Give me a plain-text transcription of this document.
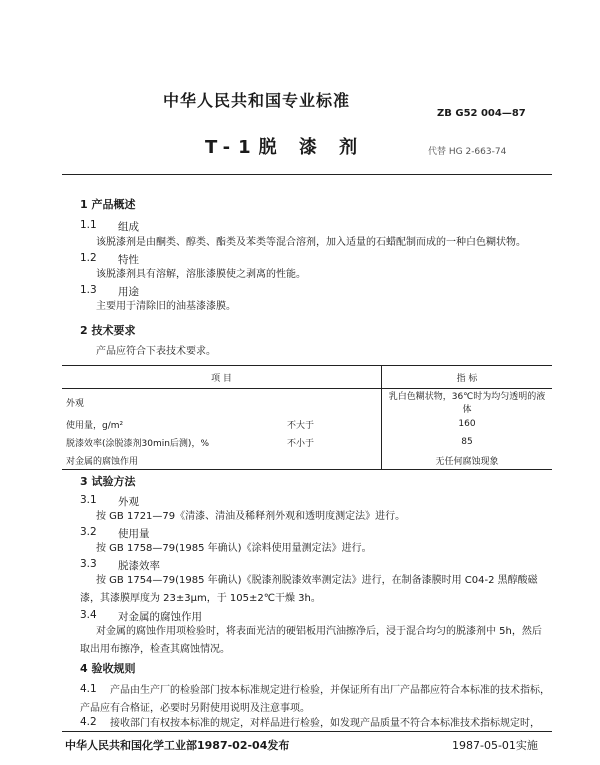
中华人民共和国专业标准
ZB G52 004—87
T-1脱 漆 剂	代替 HG 2-663-74
1 产品概述
1.1 组成
该脱漆剂是由酮类、醇类、酯类及苯类等混合溶剂，加入适量的石蜡配制而成的一种白色糊状物。
1.2 特性
该脱漆剂具有溶解，溶胀漆膜使之剥离的性能。
1.3 用途
主要用于清除旧的油基漆漆膜。
2 技术要求
产品应符合下表技术要求。
项 目		指 标
外观		乳白色糊状物，36℃时为均匀透明的液体
使用量，g/m²	不大于	160
脱漆效率(涂脱漆剂30min后测)，%	不小于	85
对金属的腐蚀作用		无任何腐蚀现象
3 试验方法
3.1 外观
按 GB 1721—79《清漆、清油及稀释剂外观和透明度测定法》进行。
3.2 使用量
按 GB 1758—79(1985 年确认)《涂料使用量测定法》进行。
3.3 脱漆效率
按 GB 1754—79(1985 年确认)《脱漆剂脱漆效率测定法》进行，在制备漆膜时用 C04-2 黑醇酸磁漆，其漆膜厚度为 23±3μm，于 105±2℃干燥 3h。
3.4 对金属的腐蚀作用
对金属的腐蚀作用项检验时，将表面光洁的硬铝板用汽油擦净后，浸于混合均匀的脱漆剂中 5h，然后取出用布擦净，检查其腐蚀情况。
4 验收规则
4.1	产品由生产厂的检验部门按本标准规定进行检验，并保证所有出厂产品都应符合本标准的技术指标，产品应有合格证，必要时另附使用说明及注意事项。
4.2 接收部门有权按本标准的规定，对样品进行检验，如发现产品质量不符合本标准技术指标规定时，
中华人民共和国化学工业部1987-02-04发布	1987-05-01实施
